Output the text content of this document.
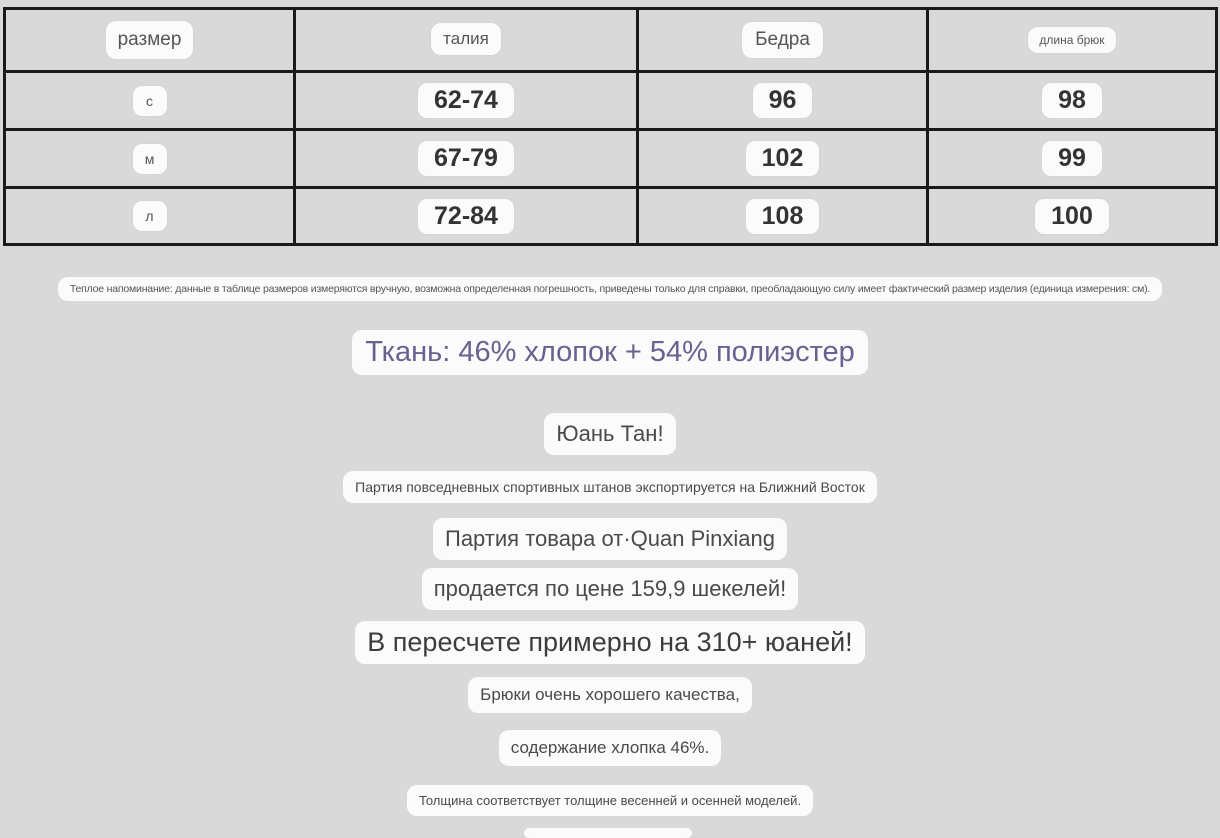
размер	талия	Бедра	длина брюк
с	62-74	96	98
м	67-79	102	99
л	72-84	108	100
Теплое напоминание: данные в таблице размеров измеряются вручную, возможна определенная погрешность, приведены только для справки, преобладающую силу имеет фактический размер изделия (единица измерения: см).
Ткань: 46% хлопок + 54% полиэстер
Юань Тан!
Партия повседневных спортивных штанов экспортируется на Ближний Восток
Партия товара от·Quan Pinxiang
продается по цене 159,9 шекелей!
В пересчете примерно на 310+ юаней!
Брюки очень хорошего качества,
содержание хлопка 46%.
Толщина соответствует толщине весенней и осенней моделей.
